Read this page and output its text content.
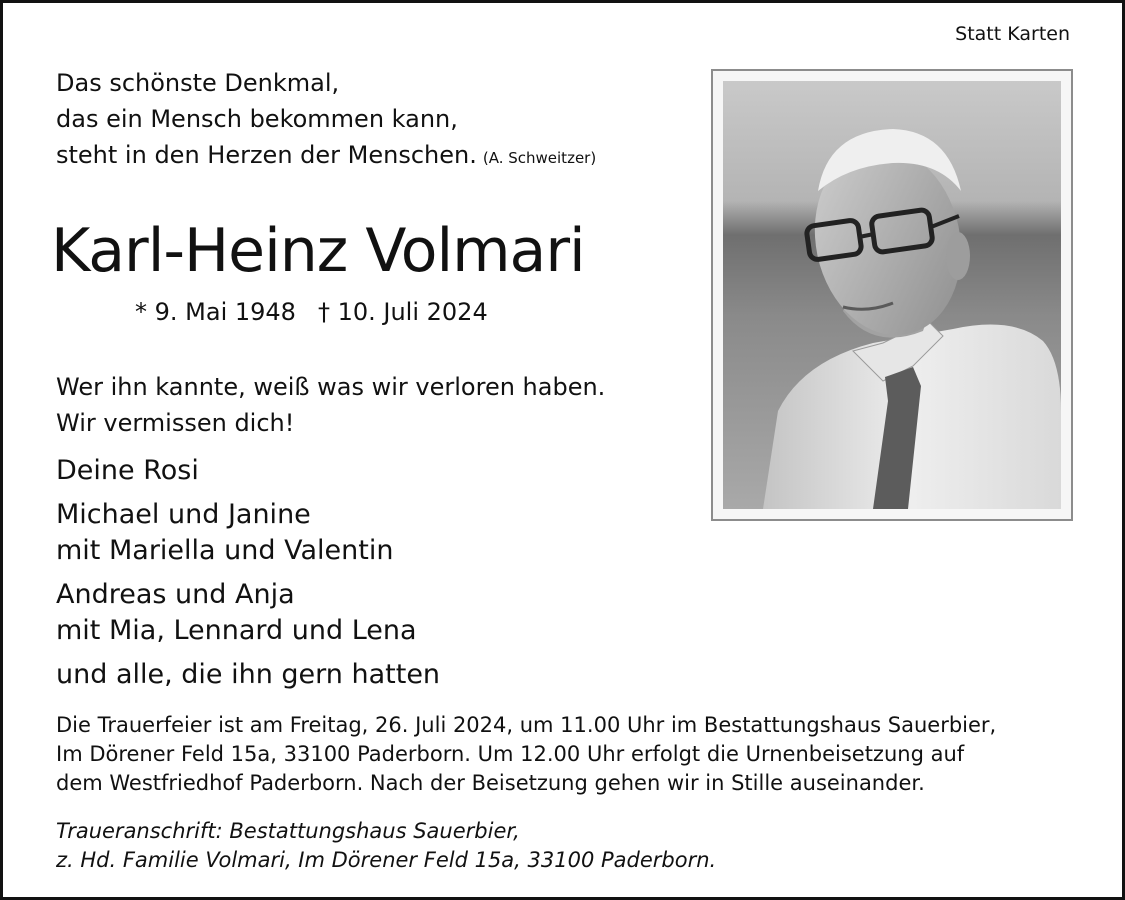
Statt Karten
Das schönste Denkmal,
das ein Mensch bekommen kann,
steht in den Herzen der Menschen. (A. Schweitzer)
Karl-Heinz Volmari
* 9. Mai 1948 † 10. Juli 2024
Wer ihn kannte, weiß was wir verloren haben.
Wir vermissen dich!
Deine Rosi
Michael und Janine
mit Mariella und Valentin
Andreas und Anja
mit Mia, Lennard und Lena
und alle, die ihn gern hatten
Die Trauerfeier ist am Freitag, 26. Juli 2024, um 11.00 Uhr im Bestattungshaus Sauerbier,
Im Dörener Feld 15a, 33100 Paderborn. Um 12.00 Uhr erfolgt die Urnenbeisetzung auf
dem Westfriedhof Paderborn. Nach der Beisetzung gehen wir in Stille auseinander.
Traueranschrift: Bestattungshaus Sauerbier,
z. Hd. Familie Volmari, Im Dörener Feld 15a, 33100 Paderborn.
